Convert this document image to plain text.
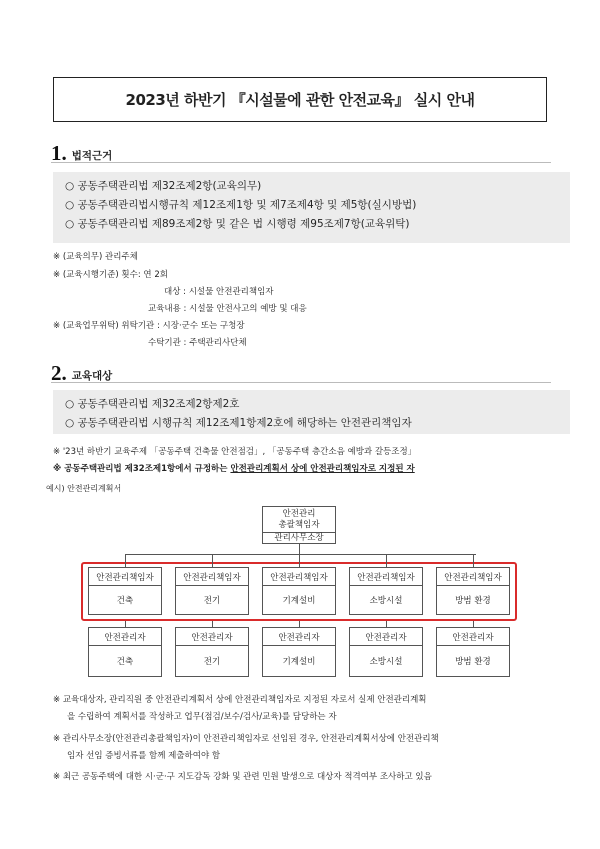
2023년 하반기 『시설물에 관한 안전교육』 실시 안내
1. 법적근거
○ 공동주택관리법 제32조제2항(교육의무)
○ 공동주택관리법시행규칙 제12조제1항 및 제7조제4항 및 제5항(실시방법)
○ 공동주택관리법 제89조제2항 및 같은 법 시행령 제95조제7항(교육위탁)
※ (교육의무) 관리주체
※ (교육시행기준) 횟수: 연 2회
대상 : 시설물 안전관리책임자
교육내용 : 시설물 안전사고의 예방 및 대응
※ (교육업무위탁) 위탁기관 : 시장·군수 또는 구청장
수탁기관 : 주택관리사단체
2. 교육대상
○ 공동주택관리법 제32조제2항제2호
○ 공동주택관리법 시행규칙 제12조제1항제2호에 해당하는 안전관리책임자
※ '23년 하반기 교육주제 「공동주택 건축물 안전점검」, 「공동주택 층간소음 예방과 갈등조정」
※ 공동주택관리법 제32조제1항에서 규정하는 안전관리계획서 상에 안전관리책임자로 지정된 자
예시) 안전관리계획서
안전관리
총괄책임자
관리사무소장
안전관리책임자
건축
안전관리책임자
전기
안전관리책임자
기계설비
안전관리책임자
소방시설
안전관리책임자
방범 환경
안전관리자
건축
안전관리자
전기
안전관리자
기계설비
안전관리자
소방시설
안전관리자
방범 환경
※ 교육대상자, 관리직원 중 안전관리계획서 상에 안전관리책임자로 지정된 자로서 실제 안전관리계획
을 수립하여 계획서를 작성하고 업무(점검/보수/검사/교육)를 담당하는 자
※ 관리사무소장(안전관리총괄책임자)이 안전관리책임자로 선임된 경우, 안전관리계획서상에 안전관리책
임자 선임 증빙서류를 함께 제출하여야 함
※ 최근 공동주택에 대한 시·군·구 지도감독 강화 및 관련 민원 발생으로 대상자 적격여부 조사하고 있음
